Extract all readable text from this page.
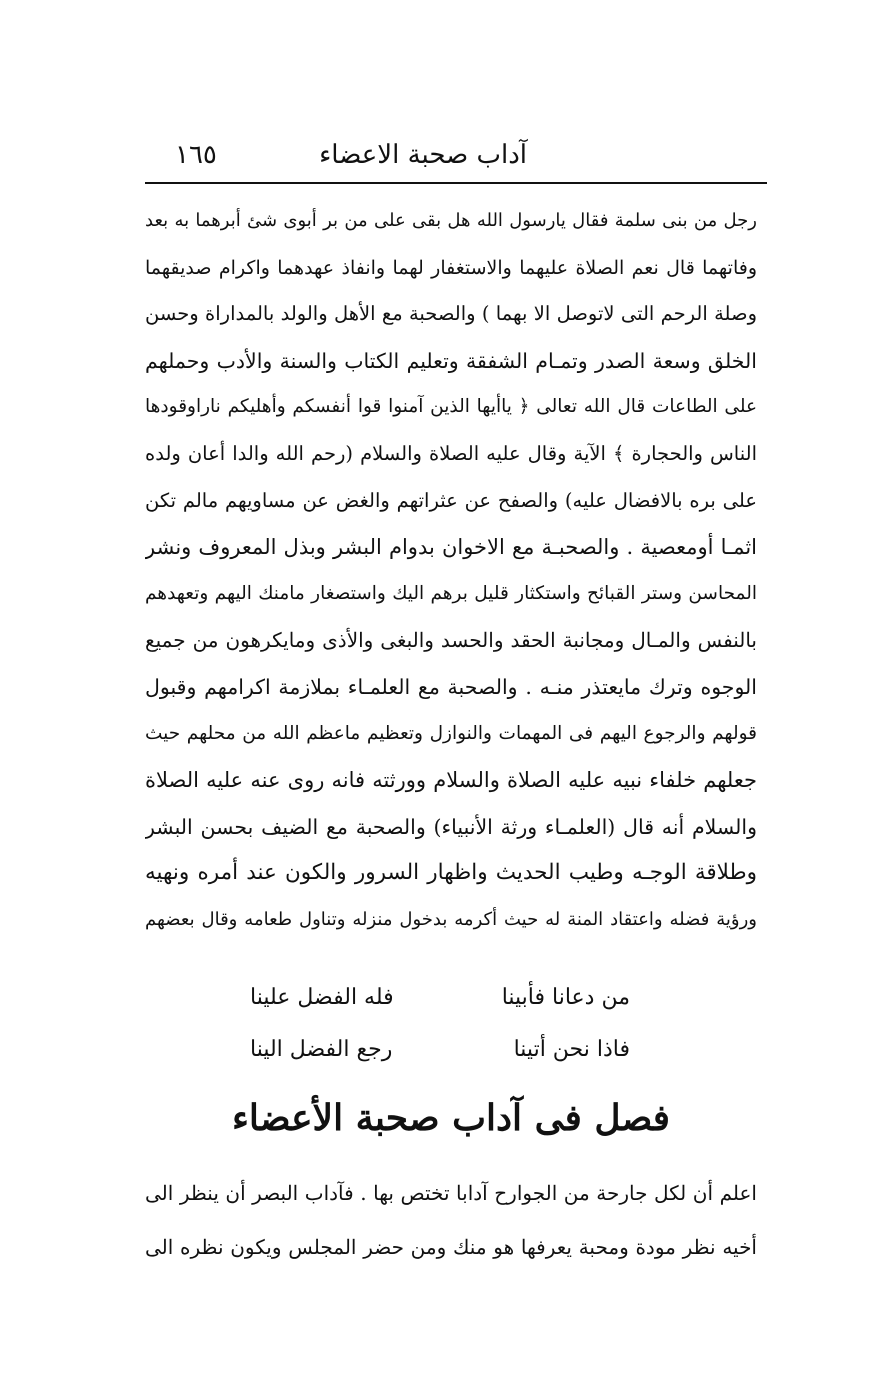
آداب صحبة الاعضاء
١٦٥
رجل من بنى سلمة فقال يارسول الله هل بقى على من بر أبوى شئ أبرهما به بعد
وفاتهما قال نعم الصلاة عليهما والاستغفار لهما وانفاذ عهدهما واكرام صديقهما
وصلة الرحم التى لاتوصل الا بهما ) والصحبة مع الأهل والولد بالمداراة وحسن
الخلق وسعة الصدر وتمـام الشفقة وتعليم الكتاب والسنة والأدب وحملهم
على الطاعات قال الله تعالى ﴿ ياأيها الذين آمنوا قوا أنفسكم وأهليكم ناراوقودها
الناس والحجارة ﴾ الآية وقال عليه الصلاة والسلام (رحم الله والدا أعان ولده
على بره بالافضال عليه) والصفح عن عثراتهم والغض عن مساويهم مالم تكن
اثمـا أومعصية . والصحبـة مع الاخوان بدوام البشر وبذل المعروف ونشر
المحاسن وستر القبائح واستكثار قليل برهم اليك واستصغار مامنك اليهم وتعهدهم
بالنفس والمـال ومجانبة الحقد والحسد والبغى والأذى ومايكرهون من جميع
الوجوه وترك مايعتذر منـه . والصحبة مع العلمـاء بملازمة اكرامهم وقبول
قولهم والرجوع اليهم فى المهمات والنوازل وتعظيم ماعظم الله من محلهم حيث
جعلهم خلفاء نبيه عليه الصلاة والسلام وورثته فانه روى عنه عليه الصلاة
والسلام أنه قال (العلمـاء ورثة الأنبياء) والصحبة مع الضيف بحسن البشر
وطلاقة الوجـه وطيب الحديث واظهار السرور والكون عند أمره ونهيه
ورؤية فضله واعتقاد المنة له حيث أكرمه بدخول منزله وتناول طعامه وقال بعضهم
من دعانا فأبينا
فله الفضل علينا
فاذا نحن أتينا
رجع الفضل الينا
فصل فى آداب صحبة الأعضاء
اعلم أن لكل جارحة من الجوارح آدابا تختص بها . فآداب البصر أن ينظر الى
أخيه نظر مودة ومحبة يعرفها هو منك ومن حضر المجلس ويكون نظره الى
